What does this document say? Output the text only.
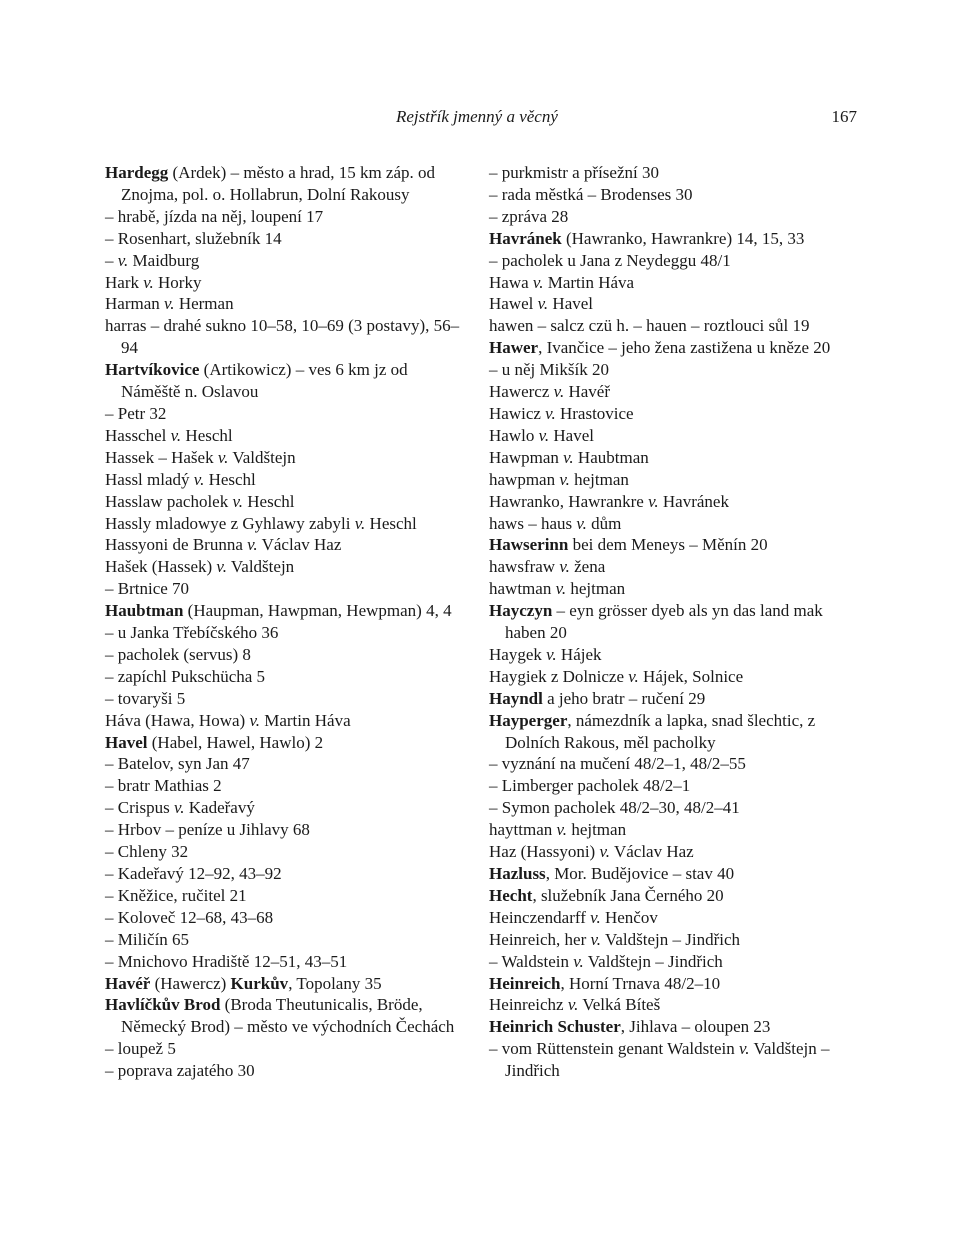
Rejstřík jmenný a věcný	167

Hardegg (Ardek) – město a hrad, 15 km záp. od Znojma, pol. o. Hollabrun, Dolní Rakousy

– hrabě, jízda na něj, loupení 17

– Rosenhart, služebník 14

– v. Maidburg

Hark v. Horky

Harman v. Herman

harras – drahé sukno 10–58, 10–69 (3 postavy), 56–94

Hartvíkovice (Artikowicz) – ves 6 km jz od Náměště n. Oslavou

– Petr 32

Hasschel v. Heschl

Hassek – Hašek v. Valdštejn

Hassl mladý v. Heschl

Hasslaw pacholek v. Heschl

Hassly mladowye z Gyhlawy zabyli v. Heschl

Hassyoni de Brunna v. Václav Haz

Hašek (Hassek) v. Valdštejn

– Brtnice 70

Haubtman (Haupman, Hawpman, Hewpman) 4, 4

– u Janka Třebíčského 36

– pacholek (servus) 8

– zapíchl Pukschücha 5

– tovaryši 5

Háva (Hawa, Howa) v. Martin Háva

Havel (Habel, Hawel, Hawlo) 2

– Batelov, syn Jan 47

– bratr Mathias 2

– Crispus v. Kadeřavý

– Hrbov – peníze u Jihlavy 68

– Chleny 32

– Kadeřavý 12–92, 43–92

– Kněžice, ručitel 21

– Koloveč 12–68, 43–68

– Miličín 65

– Mnichovo Hradiště 12–51, 43–51

Havéř (Hawercz) Kurkův, Topolany 35

Havlíčkův Brod (Broda Theutunicalis, Bröde, Německý Brod) – město ve východních Čechách

– loupež 5

– poprava zajatého 30

– purkmistr a přísežní 30

– rada městká – Brodenses 30

– zpráva 28

Havránek (Hawranko, Hawrankre) 14, 15, 33

– pacholek u Jana z Neydeggu 48/1

Hawa v. Martin Háva

Hawel v. Havel

hawen – salcz czü h. – hauen – roztlouci sůl 19

Hawer, Ivančice – jeho žena zastižena u kněze 20

– u něj Mikšík 20

Hawercz v. Havéř

Hawicz v. Hrastovice

Hawlo v. Havel

Hawpman v. Haubtman

hawpman v. hejtman

Hawranko, Hawrankre v. Havránek

haws – haus v. dům

Hawserinn bei dem Meneys – Měnín 20

hawsfraw v. žena

hawtman v. hejtman

Hayczyn – eyn grösser dyeb als yn das land mak haben 20

Haygek v. Hájek

Haygiek z Dolnicze v. Hájek, Solnice

Hayndl a jeho bratr – ručení 29

Hayperger, námezdník a lapka, snad šlechtic, z Dolních Rakous, měl pacholky

– vyznání na mučení 48/2–1, 48/2–55

– Limberger pacholek 48/2–1

– Symon pacholek 48/2–30, 48/2–41

hayttman v. hejtman

Haz (Hassyoni) v. Václav Haz

Hazluss, Mor. Budějovice – stav 40

Hecht, služebník Jana Černého 20

Heinczendarff v. Henčov

Heinreich, her v. Valdštejn – Jindřich

– Waldstein v. Valdštejn – Jindřich

Heinreich, Horní Trnava 48/2–10

Heinreichz v. Velká Bíteš

Heinrich Schuster, Jihlava – oloupen 23

– vom Rüttenstein genant Waldstein v. Valdštejn – Jindřich
